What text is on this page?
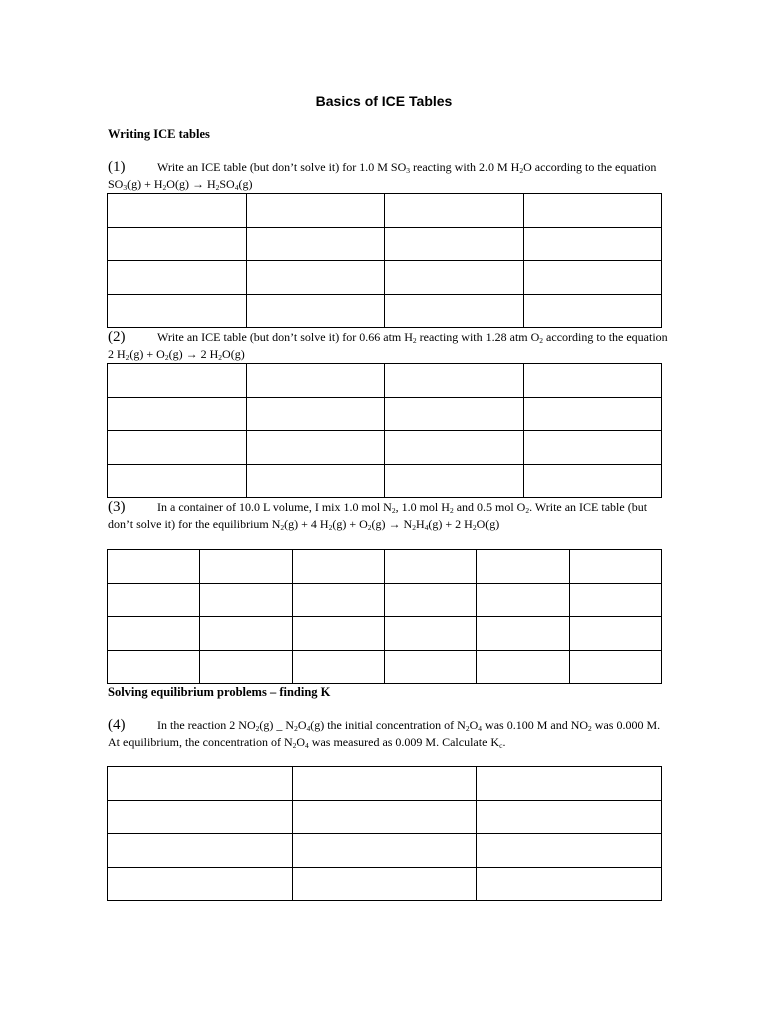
Basics of ICE Tables
Writing ICE tables
(1)	Write an ICE table (but don’t solve it) for 1.0 M $SO_3$ reacting with 2.0 M $H_2O$ according to the equation $SO_3(g) + H_2O(g) \to H_2SO_4(g)$

(2)	Write an ICE table (but don’t solve it) for 0.66 atm $H_2$ reacting with 1.28 atm $O_2$ according to the equation 2 $H_2(g) + O_2(g) \to 2$ $H_2O(g)$

(3)	In a container of 10.0 L volume, I mix 1.0 mol $N_2$, 1.0 mol $H_2$ and 0.5 mol $O_2$. Write an ICE table (but don’t solve it) for the equilibrium $N_2(g) + 4$ $H_2(g) + O_2(g) \to N_2H_4(g) + 2$ $H_2O(g)$

Solving equilibrium problems – finding K
(4)	In the reaction 2 $NO_2(g)$ _ $N_2O_4(g)$ the initial concentration of $N_2O_4$ was 0.100 M and $NO_2$ was 0.000 M. At equilibrium, the concentration of $N_2O_4$ was measured as 0.009 M. Calculate $K_c$.
